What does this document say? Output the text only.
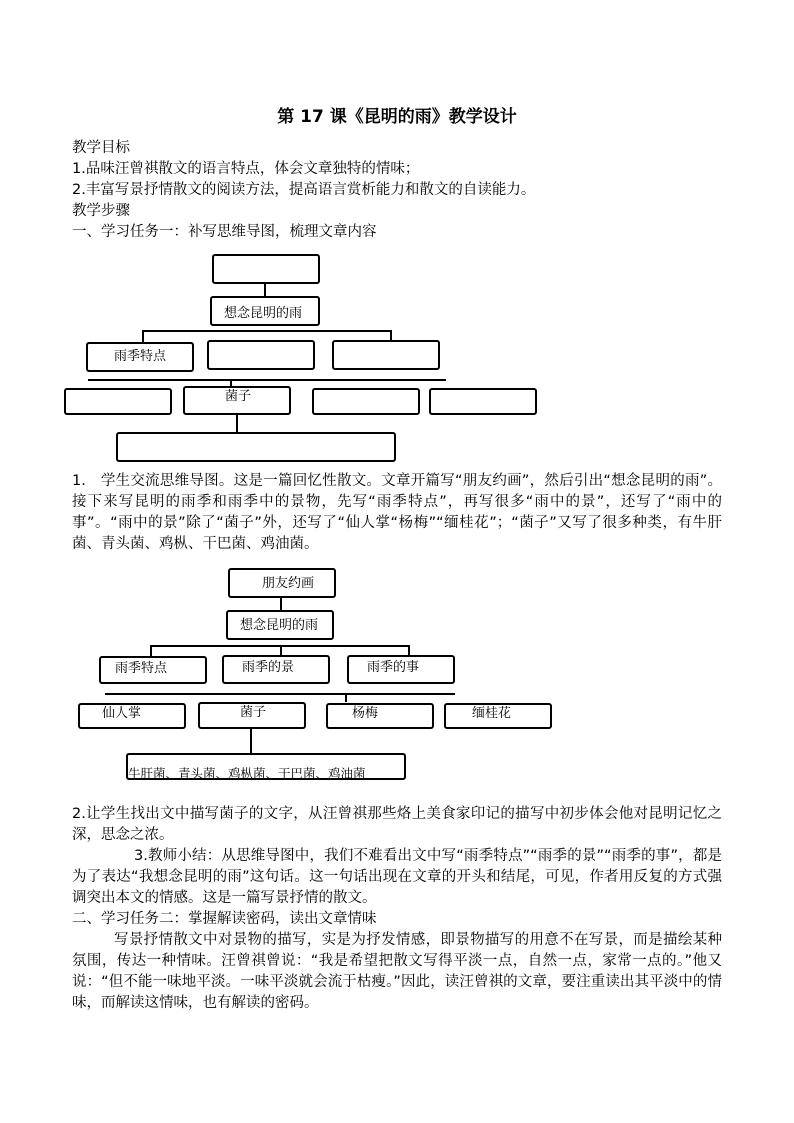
第 17 课《昆明的雨》教学设计
教学目标
1.品味汪曾祺散文的语言特点，体会文章独特的情味；
2.丰富写景抒情散文的阅读方法，提高语言赏析能力和散文的自读能力。
教学步骤
一、学习任务一：补写思维导图，梳理文章内容
想念昆明的雨
雨季特点
菌子
1.　学生交流思维导图。这是一篇回忆性散文。文章开篇写“朋友约画”，然后引出“想念昆明的雨”。接下来写昆明的雨季和雨季中的景物，先写“雨季特点”，再写很多“雨中的景”，还写了“雨中的事”。“雨中的景”除了“菌子”外，还写了“仙人掌“杨梅”“缅桂花”；“菌子”又写了很多种类，有牛肝菌、青头菌、鸡枞、干巴菌、鸡油菌。
朋友约画
想念昆明的雨
雨季特点	雨季的景	雨季的事
仙人掌	菌子	杨梅	缅桂花
牛肝菌、青头菌、鸡枞菌、干巴菌、鸡油菌
2.让学生找出文中描写菌子的文字，从汪曾祺那些烙上美食家印记的描写中初步体会他对昆明记忆之深，思念之浓。
3.教师小结：从思维导图中，我们不难看出文中写“雨季特点”“雨季的景”“雨季的事”，都是为了表达“我想念昆明的雨”这句话。这一句话出现在文章的开头和结尾，可见，作者用反复的方式强调突出本文的情感。这是一篇写景抒情的散文。
二、学习任务二：掌握解读密码，读出文章情味
写景抒情散文中对景物的描写，实是为抒发情感，即景物描写的用意不在写景，而是描绘某种氛围，传达一种情味。汪曾祺曾说：“我是希望把散文写得平淡一点，自然一点，家常一点的。”他又说：“但不能一味地平淡。一味平淡就会流于枯瘦。”因此，读汪曾祺的文章，要注重读出其平淡中的情味，而解读这情味，也有解读的密码。
